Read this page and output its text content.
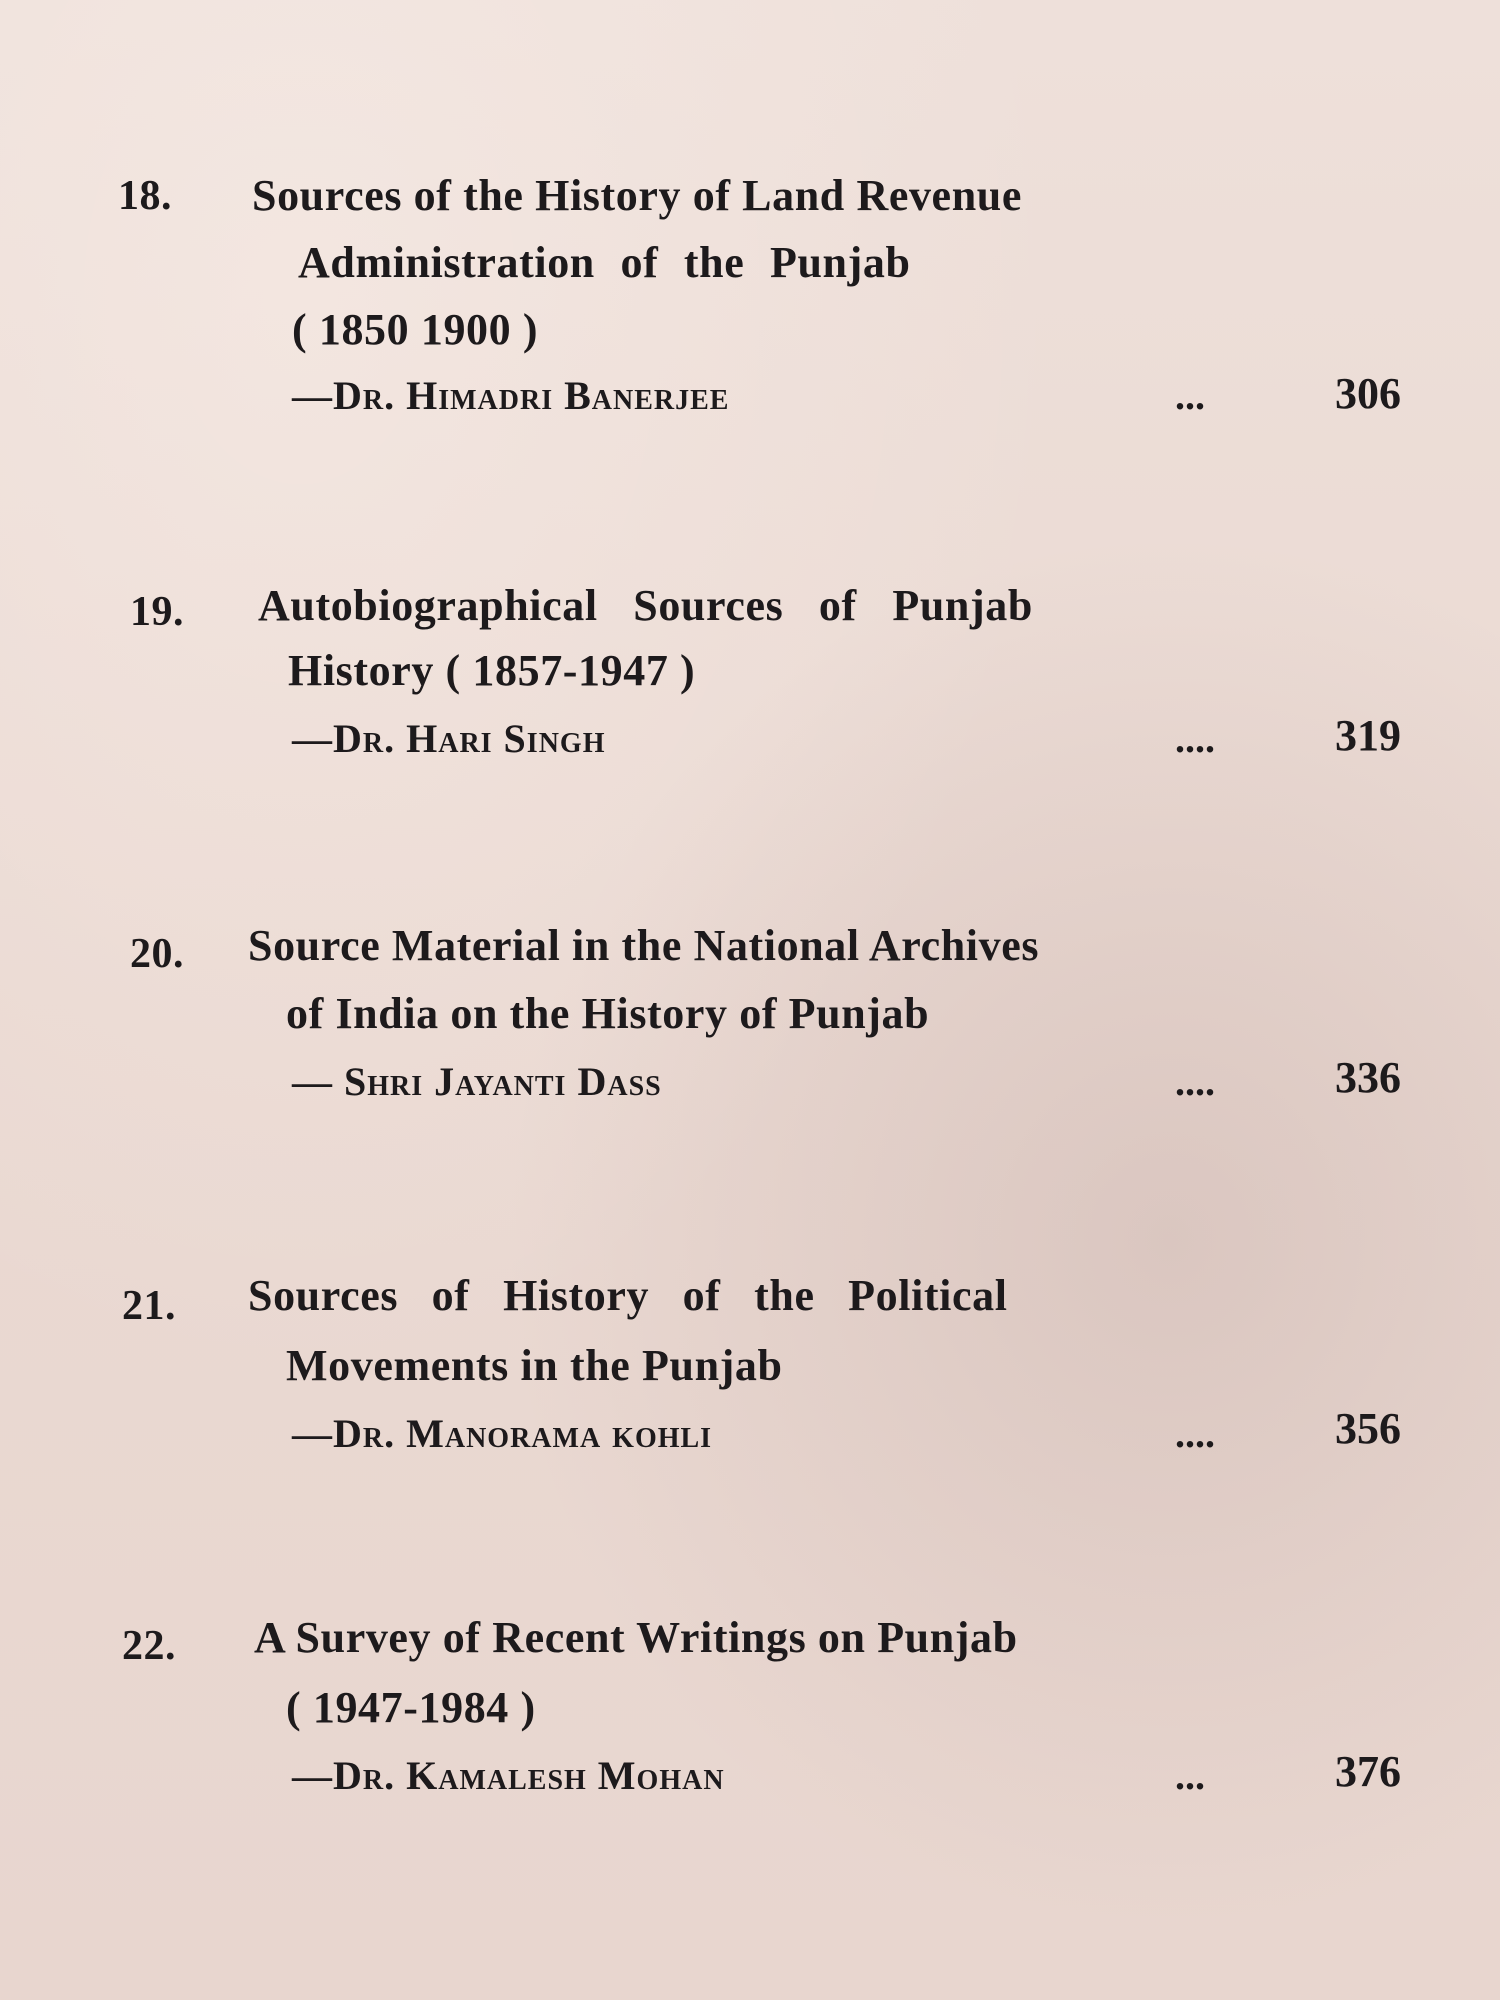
18. Sources of the History of Land Revenue
Administration of the Punjab
( 1850 1900 )
—Dr. Himadri Banerjee	...	306
19. Autobiographical Sources of Punjab
History ( 1857-1947 )
—Dr. Hari Singh	....	319
20. Source Material in the National Archives
of India on the History of Punjab
— Shri Jayanti Dass	....	336
21. Sources of History of the Political
Movements in the Punjab
—Dr. Manorama kohli	....	356
22. A Survey of Recent Writings on Punjab
( 1947-1984 )
—Dr. Kamalesh Mohan	...	376
